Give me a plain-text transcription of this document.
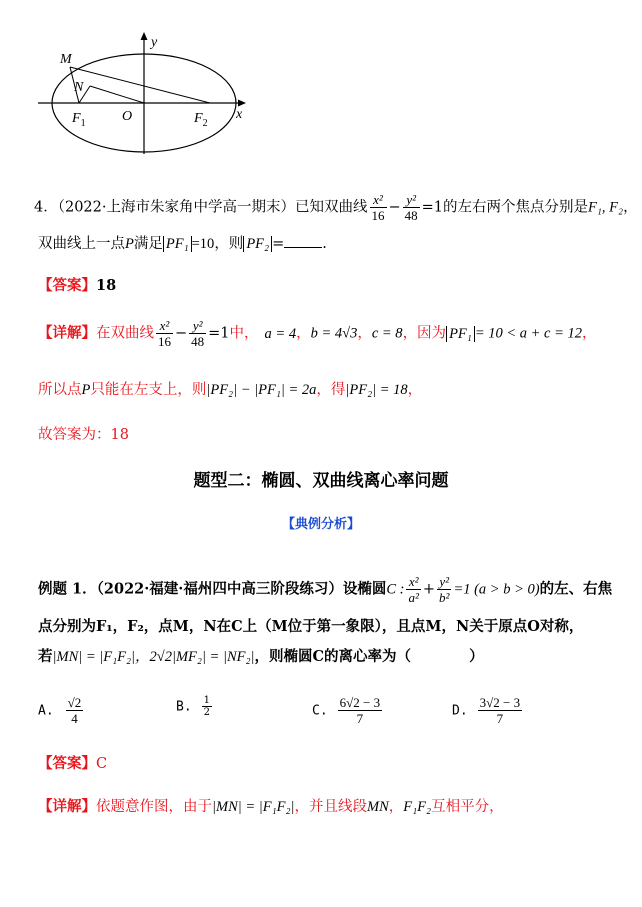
y
x
M
N
O
$F_1$	$F_2$
4．（2022·上海市朱家角中学高一期末）已知双曲线 $\frac{\text{x²}}{16} - \frac{\text{y²}}{48} =1$的左右两个焦点分别是F₁, F₂，
双曲线上一点P满足 PF₁ =10，则 PF₂ =	.
【答案】18
【详解】在双曲线 $\frac{\text{x²}}{16} - \frac{\text{y²}}{48} =1$中， a = 4，b = 4√3，c = 8，因为 PF₁ = 10 < a + c = 12，
所以点P只能在左支上，则|PF₂| − |PF₁| = 2a，得|PF₂| = 18，
故答案为：18
题型二：椭圆、双曲线离心率问题
【典例分析】
例题 1．（2022·福建·福州四中高三阶段练习）设椭圆C : $\frac{\text{x²}}{\text{a²}} + \frac{\text{y²}}{\text{b²}} =1$ (a > b > 0)的左、右焦
点分别为F₁，F₂，点M，N在C上（M位于第一象限），且点M，N关于原点O对称，
若|MN| = |F₁F₂|，2√2|MF₂| = |NF₂|，则椭圆C的离心率为（	）
A. $\frac{√2}{4}$	B. $\frac{1}{2}$	C. $\frac{6√2 - 3}{7}$	D. $\frac{3√2 - 3}{7}$
【答案】C
【详解】依题意作图，由于|MN| = |F₁F₂|，并且线段MN，F₁F₂互相平分，
